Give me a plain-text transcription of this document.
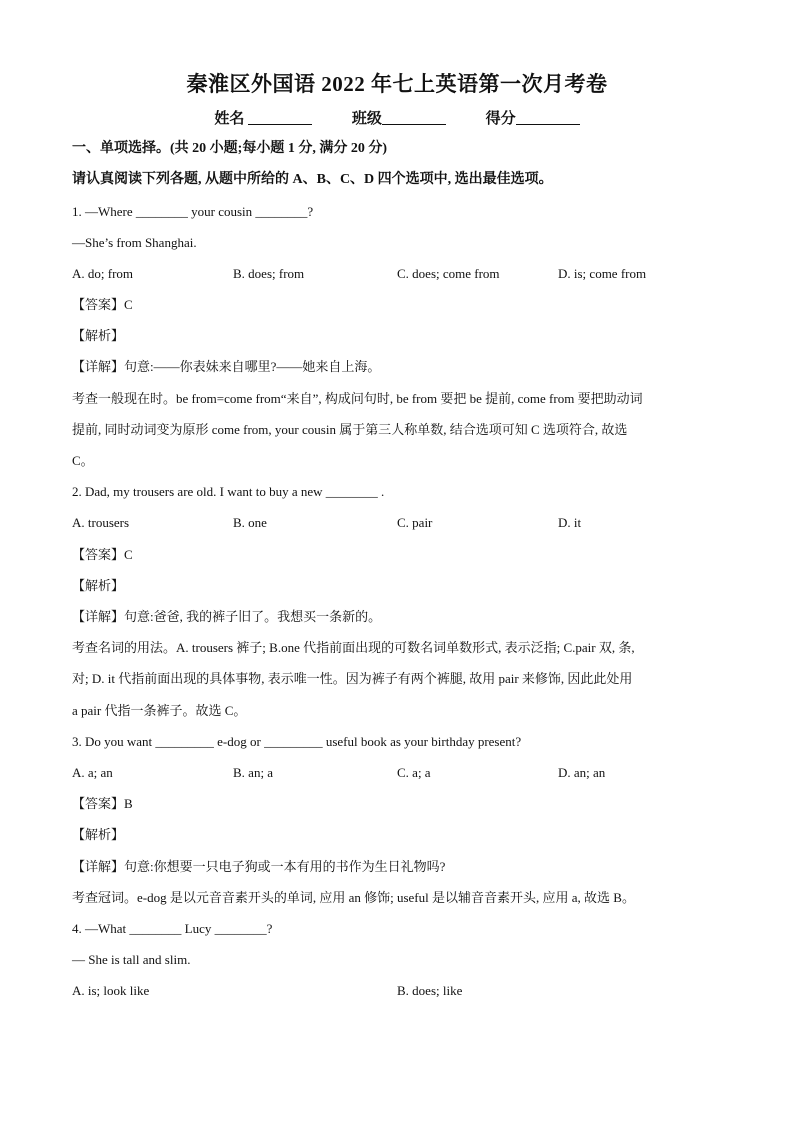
秦淮区外国语 2022 年七上英语第一次月考卷
姓名	班级	得分
一、单项选择。(共 20 小题;每小题 1 分, 满分 20 分)
请认真阅读下列各题, 从题中所给的 A、B、C、D 四个选项中, 选出最佳选项。
1. —Where ________ your cousin ________?
—She’s from Shanghai.
A. do; from	B. does; from	C. does; come from	D. is; come from
【答案】C
【解析】
【详解】句意:——你表妹来自哪里?——她来自上海。
考查一般现在时。be from=come from“来自”, 构成问句时, be from 要把 be 提前, come from 要把助动词
提前, 同时动词变为原形 come from, your cousin 属于第三人称单数, 结合选项可知 C 选项符合, 故选
C。
2. Dad, my trousers are old. I want to buy a new ________ .
A. trousers	B. one	C. pair	D. it
【答案】C
【解析】
【详解】句意:爸爸, 我的裤子旧了。我想买一条新的。
考查名词的用法。A. trousers 裤子; B.one 代指前面出现的可数名词单数形式, 表示泛指; C.pair 双, 条,
对; D. it 代指前面出现的具体事物, 表示唯一性。因为裤子有两个裤腿, 故用 pair 来修饰, 因此此处用
a pair 代指一条裤子。故选 C。
3. Do you want _________ e-dog or _________ useful book as your birthday present?
A. a; an	B. an; a	C. a; a	D. an; an
【答案】B
【解析】
【详解】句意:你想要一只电子狗或一本有用的书作为生日礼物吗?
考查冠词。e-dog 是以元音音素开头的单词, 应用 an 修饰; useful 是以辅音音素开头, 应用 a, 故选 B。
4. —What ________ Lucy ________?
— She is tall and slim.
A. is; look like	B. does; like
